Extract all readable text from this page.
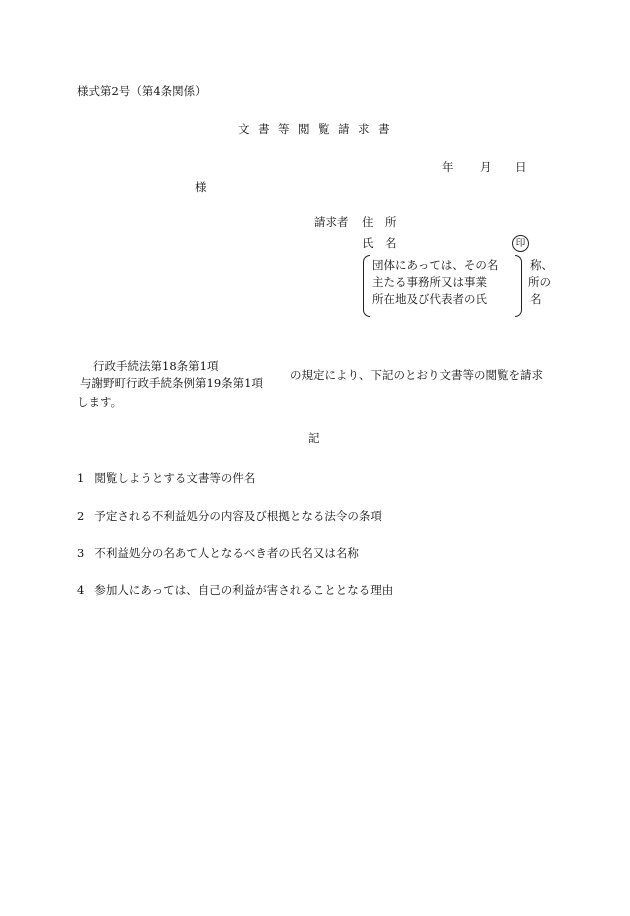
様式第2号（第4条関係）
文書等閲覧請求書
年 月 日
様
請求者 住　所
氏　名	印
団体にあっては、その名
主たる事務所又は事業
所在地及び代表者の氏
称、
所の
名
行政手続法第18条第1項
与謝野町行政手続条例第19条第1項
の規定により、下記のとおり文書等の閲覧を請求
します。
記
1 閲覧しようとする文書等の件名
2 予定される不利益処分の内容及び根拠となる法令の条項
3 不利益処分の名あて人となるべき者の氏名又は名称
4 参加人にあっては、自己の利益が害されることとなる理由
